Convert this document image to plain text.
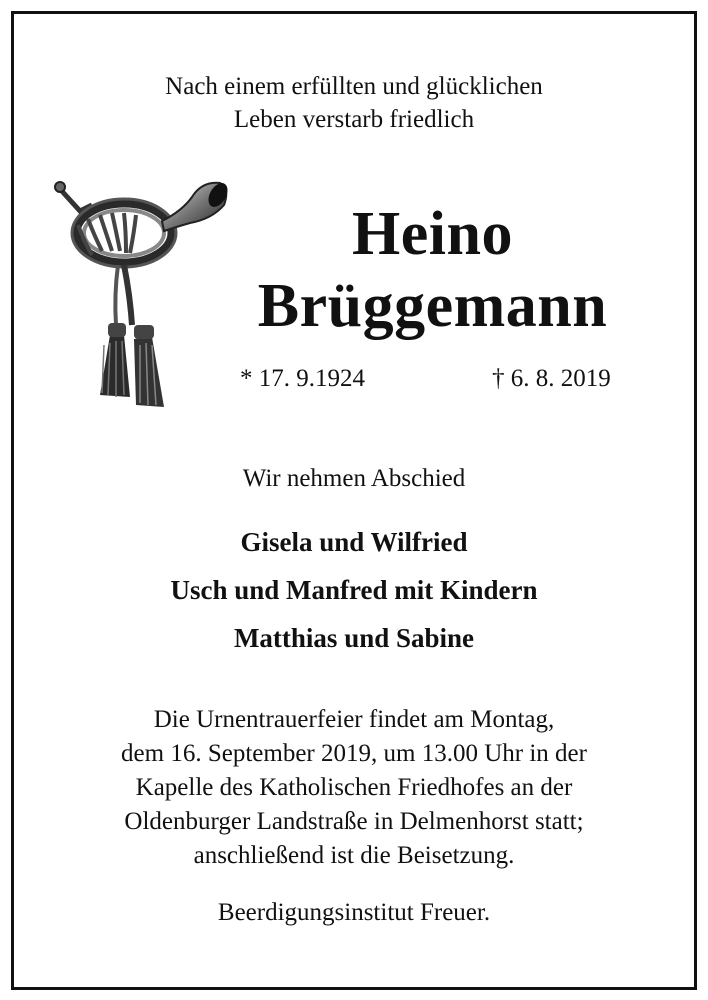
Nach einem erfüllten und glücklichen
Leben verstarb friedlich
Heino
Brüggemann
* 17. 9.1924	† 6. 8. 2019
Wir nehmen Abschied
Gisela und Wilfried
Usch und Manfred mit Kindern
Matthias und Sabine
Die Urnentrauerfeier findet am Montag,
dem 16. September 2019, um 13.00 Uhr in der
Kapelle des Katholischen Friedhofes an der
Oldenburger Landstraße in Delmenhorst statt;
anschließend ist die Beisetzung.
Beerdigungsinstitut Freuer.
